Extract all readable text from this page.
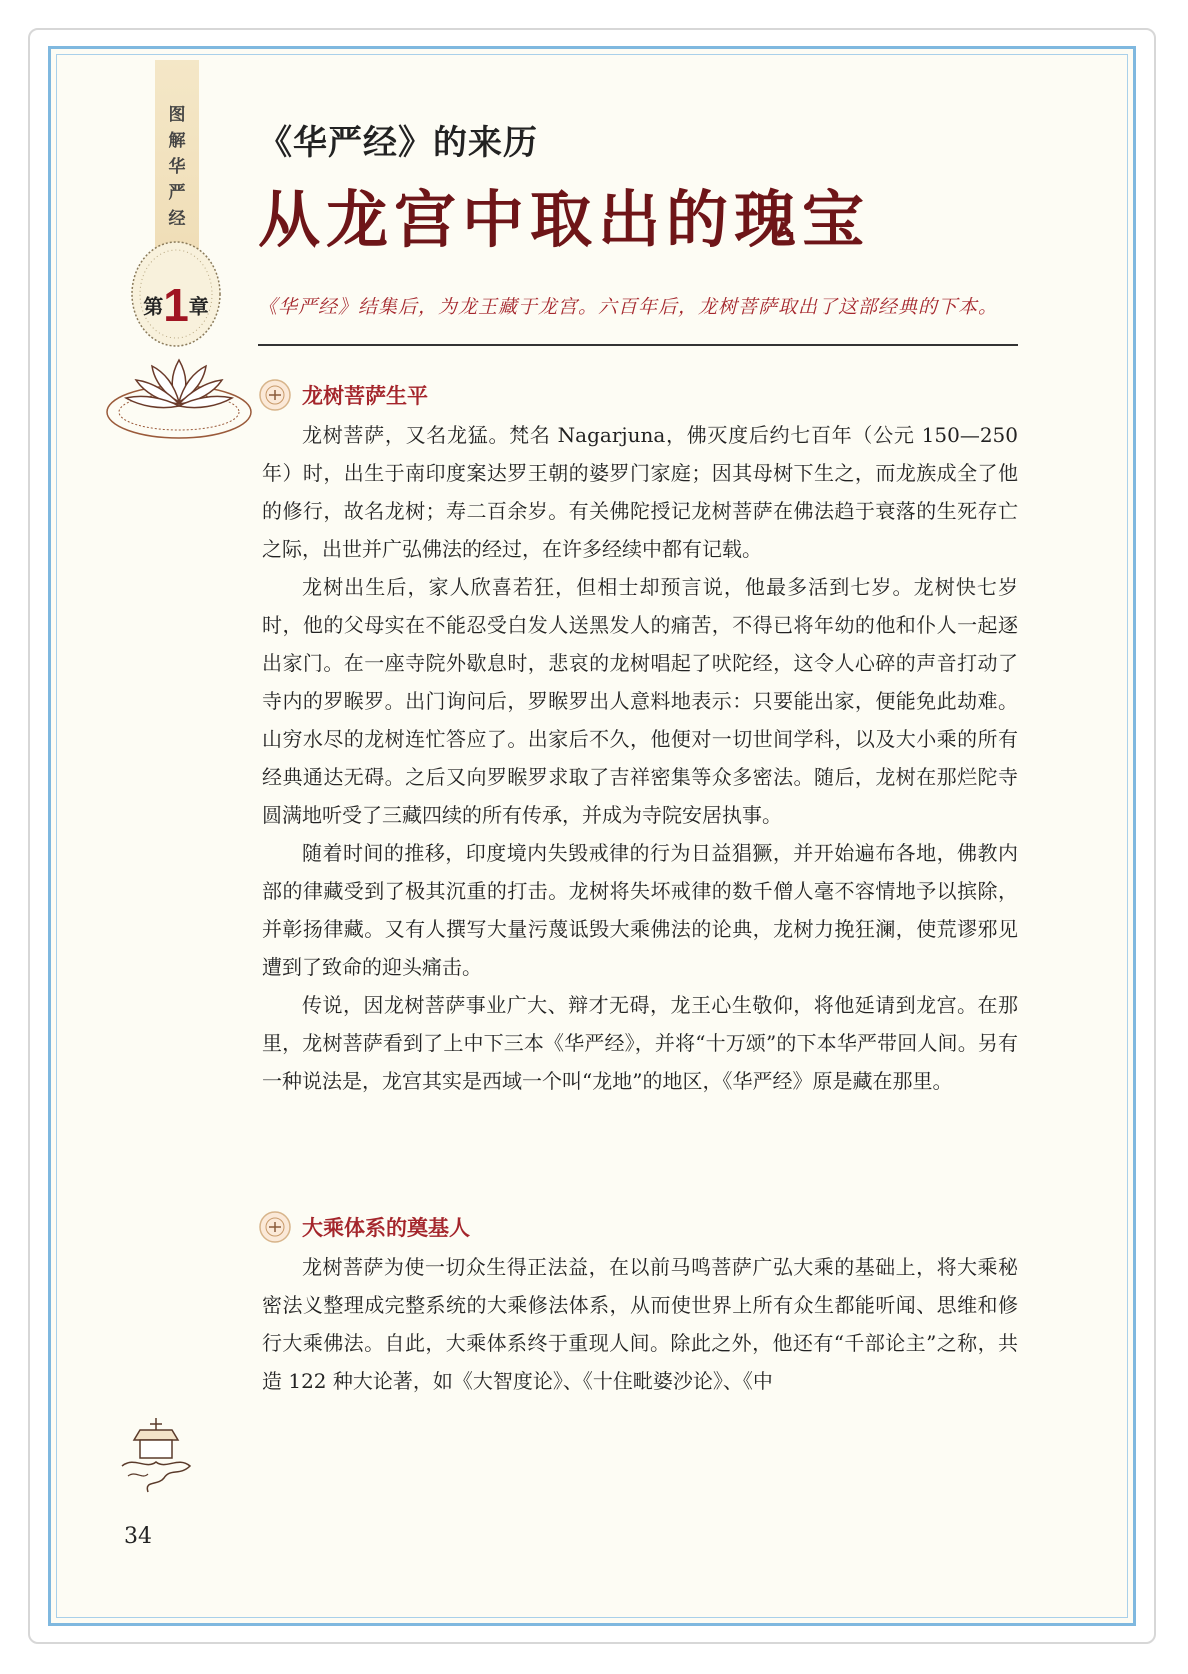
图解华严经
第1章
《华严经》的来历
从龙宫中取出的瑰宝
《华严经》结集后，为龙王藏于龙宫。六百年后，龙树菩萨取出了这部经典的下本。
龙树菩萨生平

龙树菩萨，又名龙猛。梵名 Nagarjuna，佛灭度后约七百年（公元 150—250 年）时，出生于南印度案达罗王朝的婆罗门家庭；因其母树下生之，而龙族成全了他的修行，故名龙树；寿二百余岁。有关佛陀授记龙树菩萨在佛法趋于衰落的生死存亡之际，出世并广弘佛法的经过，在许多经续中都有记载。

龙树出生后，家人欣喜若狂，但相士却预言说，他最多活到七岁。龙树快七岁时，他的父母实在不能忍受白发人送黑发人的痛苦，不得已将年幼的他和仆人一起逐出家门。在一座寺院外歇息时，悲哀的龙树唱起了吠陀经，这令人心碎的声音打动了寺内的罗睺罗。出门询问后，罗睺罗出人意料地表示：只要能出家，便能免此劫难。山穷水尽的龙树连忙答应了。出家后不久，他便对一切世间学科，以及大小乘的所有经典通达无碍。之后又向罗睺罗求取了吉祥密集等众多密法。随后，龙树在那烂陀寺圆满地听受了三藏四续的所有传承，并成为寺院安居执事。

随着时间的推移，印度境内失毁戒律的行为日益猖獗，并开始遍布各地，佛教内部的律藏受到了极其沉重的打击。龙树将失坏戒律的数千僧人毫不容情地予以摈除，并彰扬律藏。又有人撰写大量污蔑诋毁大乘佛法的论典，龙树力挽狂澜，使荒谬邪见遭到了致命的迎头痛击。

传说，因龙树菩萨事业广大、辩才无碍，龙王心生敬仰，将他延请到龙宫。在那里，龙树菩萨看到了上中下三本《华严经》，并将“十万颂”的下本华严带回人间。另有一种说法是，龙宫其实是西域一个叫“龙地”的地区，《华严经》原是藏在那里。

大乘体系的奠基人

龙树菩萨为使一切众生得正法益，在以前马鸣菩萨广弘大乘的基础上，将大乘秘密法义整理成完整系统的大乘修法体系，从而使世界上所有众生都能听闻、思维和修行大乘佛法。自此，大乘体系终于重现人间。除此之外，他还有“千部论主”之称，共造 122 种大论著，如《大智度论》、《十住毗婆沙论》、《中

34
